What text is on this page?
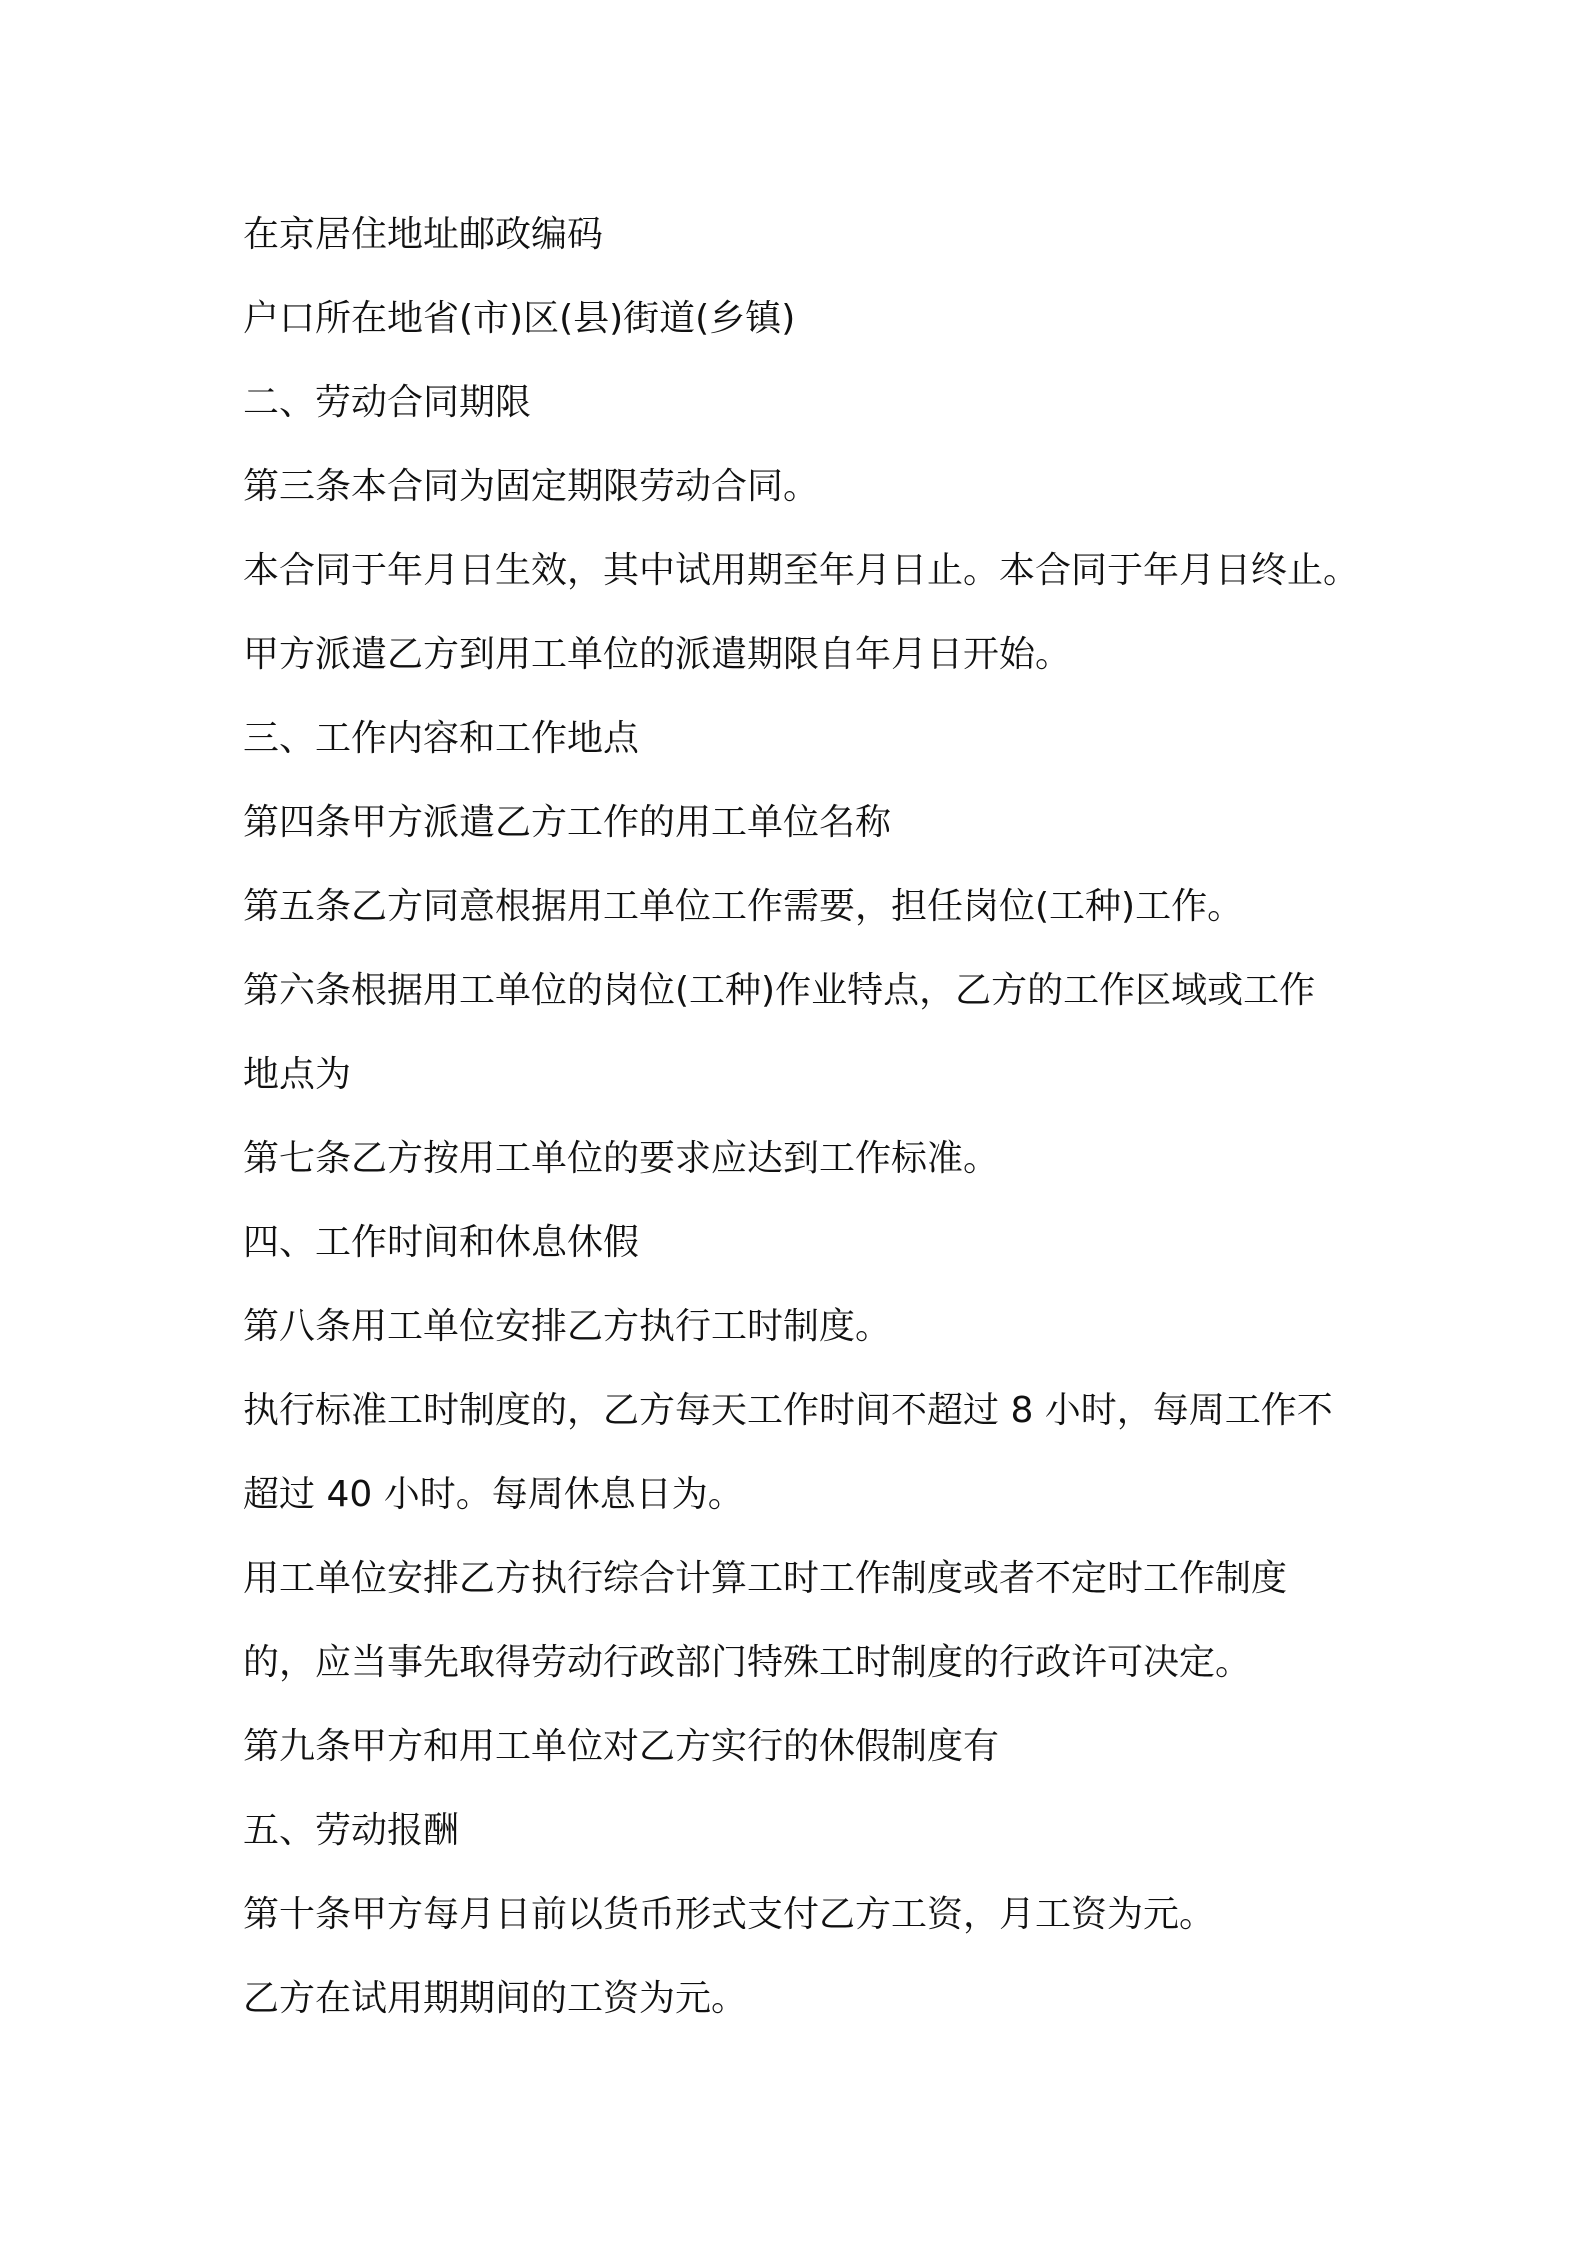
在京居住地址邮政编码
户口所在地省(市)区(县)街道(乡镇)
二、劳动合同期限
第三条本合同为固定期限劳动合同。
本合同于年月日生效，其中试用期至年月日止。本合同于年月日终止。
甲方派遣乙方到用工单位的派遣期限自年月日开始。
三、工作内容和工作地点
第四条甲方派遣乙方工作的用工单位名称
第五条乙方同意根据用工单位工作需要，担任岗位(工种)工作。
第六条根据用工单位的岗位(工种)作业特点，乙方的工作区域或工作
地点为
第七条乙方按用工单位的要求应达到工作标准。
四、工作时间和休息休假
第八条用工单位安排乙方执行工时制度。
执行标准工时制度的，乙方每天工作时间不超过 8 小时，每周工作不
超过 40 小时。每周休息日为。
用工单位安排乙方执行综合计算工时工作制度或者不定时工作制度
的，应当事先取得劳动行政部门特殊工时制度的行政许可决定。
第九条甲方和用工单位对乙方实行的休假制度有
五、劳动报酬
第十条甲方每月日前以货币形式支付乙方工资，月工资为元。
乙方在试用期期间的工资为元。
